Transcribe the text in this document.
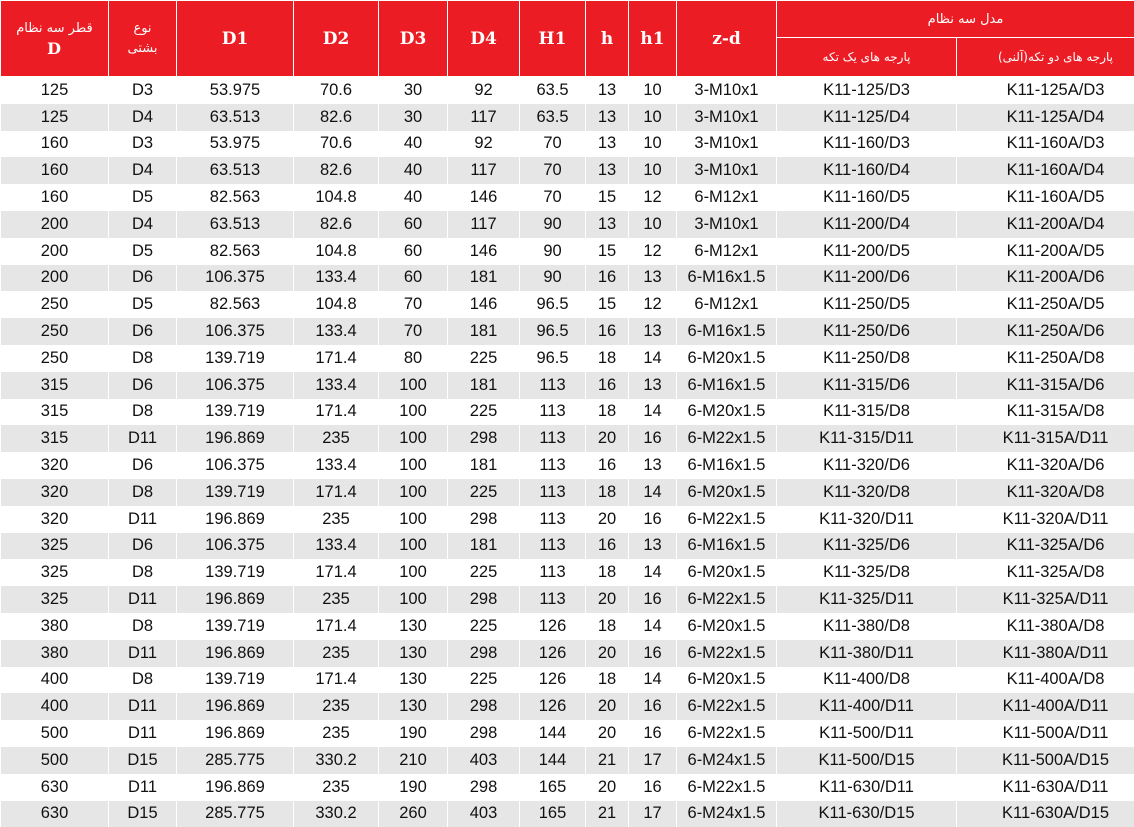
قطر سه نظام
D	نوع
بشتی	D1	D2	D3	D4	H1	h	h1	z-d	مدل سه نظام	
										پارجه های یک تکه	پارجه های دو تکه(آلنی)
125	D3	53.975	70.6	30	92	63.5	13	10	3-M10x1	K11-125/D3	K11-125A/D3
125	D4	63.513	82.6	30	117	63.5	13	10	3-M10x1	K11-125/D4	K11-125A/D4
160	D3	53.975	70.6	40	92	70	13	10	3-M10x1	K11-160/D3	K11-160A/D3
160	D4	63.513	82.6	40	117	70	13	10	3-M10x1	K11-160/D4	K11-160A/D4
160	D5	82.563	104.8	40	146	70	15	12	6-M12x1	K11-160/D5	K11-160A/D5
200	D4	63.513	82.6	60	117	90	13	10	3-M10x1	K11-200/D4	K11-200A/D4
200	D5	82.563	104.8	60	146	90	15	12	6-M12x1	K11-200/D5	K11-200A/D5
200	D6	106.375	133.4	60	181	90	16	13	6-M16x1.5	K11-200/D6	K11-200A/D6
250	D5	82.563	104.8	70	146	96.5	15	12	6-M12x1	K11-250/D5	K11-250A/D5
250	D6	106.375	133.4	70	181	96.5	16	13	6-M16x1.5	K11-250/D6	K11-250A/D6
250	D8	139.719	171.4	80	225	96.5	18	14	6-M20x1.5	K11-250/D8	K11-250A/D8
315	D6	106.375	133.4	100	181	113	16	13	6-M16x1.5	K11-315/D6	K11-315A/D6
315	D8	139.719	171.4	100	225	113	18	14	6-M20x1.5	K11-315/D8	K11-315A/D8
315	D11	196.869	235	100	298	113	20	16	6-M22x1.5	K11-315/D11	K11-315A/D11
320	D6	106.375	133.4	100	181	113	16	13	6-M16x1.5	K11-320/D6	K11-320A/D6
320	D8	139.719	171.4	100	225	113	18	14	6-M20x1.5	K11-320/D8	K11-320A/D8
320	D11	196.869	235	100	298	113	20	16	6-M22x1.5	K11-320/D11	K11-320A/D11
325	D6	106.375	133.4	100	181	113	16	13	6-M16x1.5	K11-325/D6	K11-325A/D6
325	D8	139.719	171.4	100	225	113	18	14	6-M20x1.5	K11-325/D8	K11-325A/D8
325	D11	196.869	235	100	298	113	20	16	6-M22x1.5	K11-325/D11	K11-325A/D11
380	D8	139.719	171.4	130	225	126	18	14	6-M20x1.5	K11-380/D8	K11-380A/D8
380	D11	196.869	235	130	298	126	20	16	6-M22x1.5	K11-380/D11	K11-380A/D11
400	D8	139.719	171.4	130	225	126	18	14	6-M20x1.5	K11-400/D8	K11-400A/D8
400	D11	196.869	235	130	298	126	20	16	6-M22x1.5	K11-400/D11	K11-400A/D11
500	D11	196.869	235	190	298	144	20	16	6-M22x1.5	K11-500/D11	K11-500A/D11
500	D15	285.775	330.2	210	403	144	21	17	6-M24x1.5	K11-500/D15	K11-500A/D15
630	D11	196.869	235	190	298	165	20	16	6-M22x1.5	K11-630/D11	K11-630A/D11
630	D15	285.775	330.2	260	403	165	21	17	6-M24x1.5	K11-630/D15	K11-630A/D15
